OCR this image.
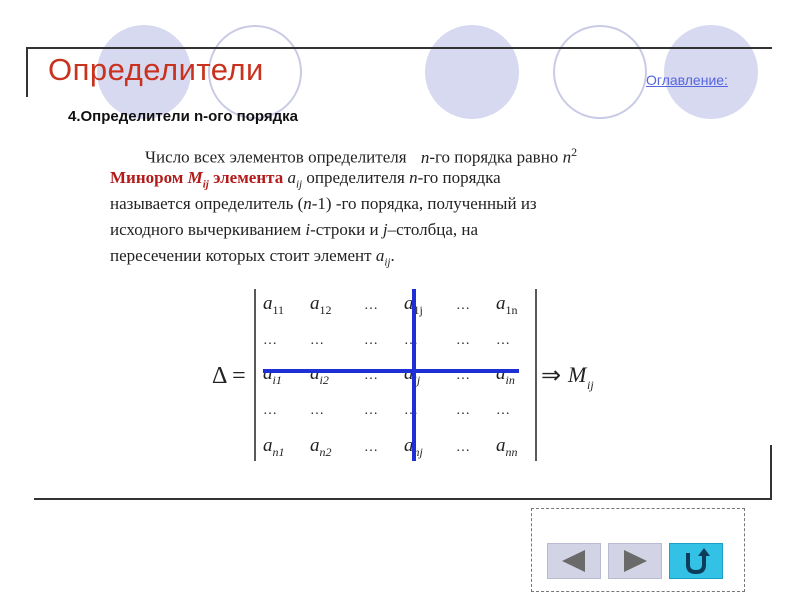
Определители	Оглавление:
4.Определители n-ого порядка
Число всех элементов определителя n-го порядка равно $n^2$
Минором $M_{ij}$ элемента $a_{ij}$ определителя n-го порядка
называется определитель (n-1) -го порядка, полученный из
исходного вычеркиванием i-строки и j–столбца, на
пересечении которых стоит элемент $a_{ij}$.
Δ =
$a_{11}$ $a_{12}$ … $a_{1j}$ … $a_{1n}$
… …	… …	… …
$a_{i1}$ $a_{i2}$	… $a_{ij}$	… $a_{in}$
… …	… …	… …
$a_{n1}$ $a_{n2}$ … $a_{nj}$ … $a_{nn}$
⇒ M ij
